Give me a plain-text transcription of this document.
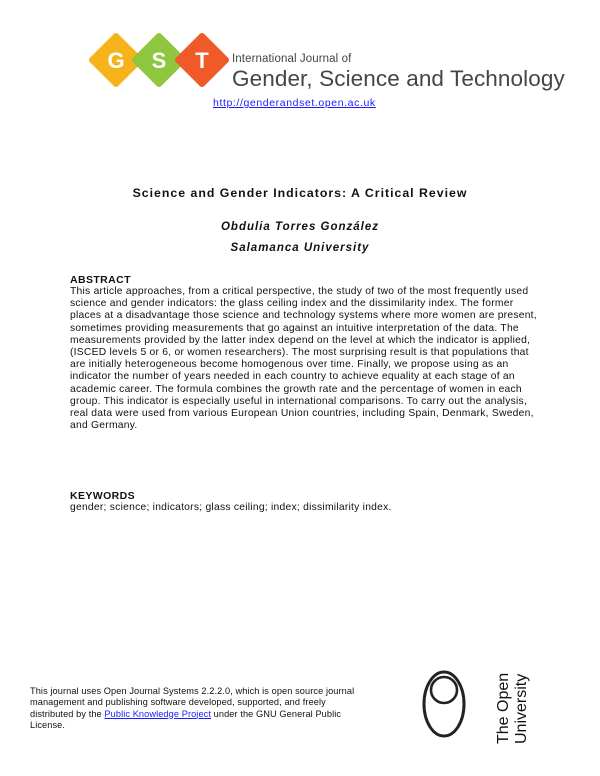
G S T International Journal of
Gender, Science and Technology
http://genderandset.open.ac.uk
Science and Gender Indicators: A Critical Review
Obdulia Torres González
Salamanca University
ABSTRACT

This article approaches, from a critical perspective, the study of two of the most frequently used science and gender indicators: the glass ceiling index and the dissimilarity index. The former places at a disadvantage those science and technology systems where more women are present, sometimes providing measurements that go against an intuitive interpretation of the data. The measurements provided by the latter index depend on the level at which the indicator is applied, (ISCED levels 5 or 6, or women researchers). The most surprising result is that populations that are initially heterogeneous become homogenous over time. Finally, we propose using as an indicator the number of years needed in each country to achieve equality at each stage of an academic career. The formula combines the growth rate and the percentage of women in each group. This indicator is especially useful in international comparisons. To carry out the analysis, real data were used from various European Union countries, including Spain, Denmark, Sweden, and Germany.

KEYWORDS

gender; science; indicators; glass ceiling; index; dissimilarity index.

This journal uses Open Journal Systems 2.2.2.0, which is open source journal management and publishing software developed, supported, and freely distributed by the Public Knowledge Project under the GNU General Public License.	The Open University
